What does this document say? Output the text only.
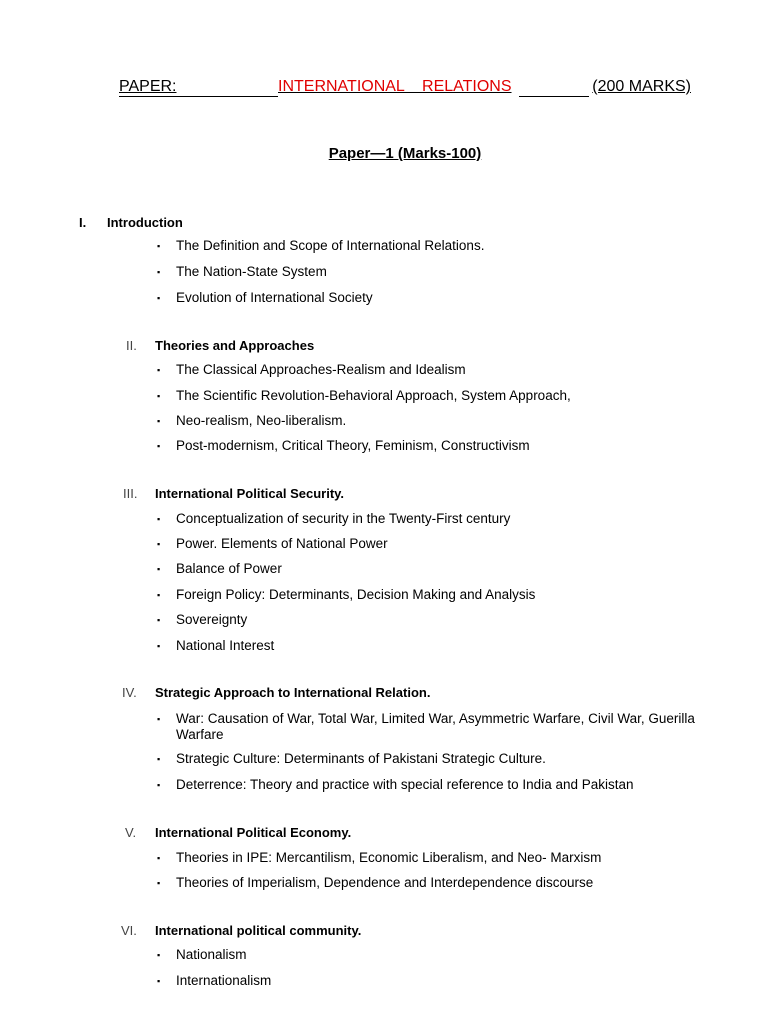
PAPER:	INTERNATIONAL    RELATIONS	(200 MARKS)
Paper—1 (Marks-100)
I. Introduction
▪ The Definition and Scope of International Relations.
▪ The Nation-State System
▪ Evolution of International Society
II. Theories and Approaches
▪ The Classical Approaches-Realism and Idealism
▪ The Scientific Revolution-Behavioral Approach, System Approach,
▪ Neo-realism, Neo-liberalism.
▪ Post-modernism, Critical Theory, Feminism, Constructivism
III. International Political Security.
▪ Conceptualization of security in the Twenty-First century
▪ Power. Elements of National Power
▪ Balance of Power
▪ Foreign Policy: Determinants, Decision Making and Analysis
▪ Sovereignty
▪ National Interest
IV. Strategic Approach to International Relation.
▪ War: Causation of War, Total War, Limited War, Asymmetric Warfare, Civil War, Guerilla Warfare
▪ Strategic Culture: Determinants of Pakistani Strategic Culture.
▪ Deterrence: Theory and practice with special reference to India and Pakistan
V. International Political Economy.
▪ Theories in IPE: Mercantilism, Economic Liberalism, and Neo- Marxism
▪ Theories of Imperialism, Dependence and Interdependence discourse
VI. International political community.
▪ Nationalism
▪ Internationalism
